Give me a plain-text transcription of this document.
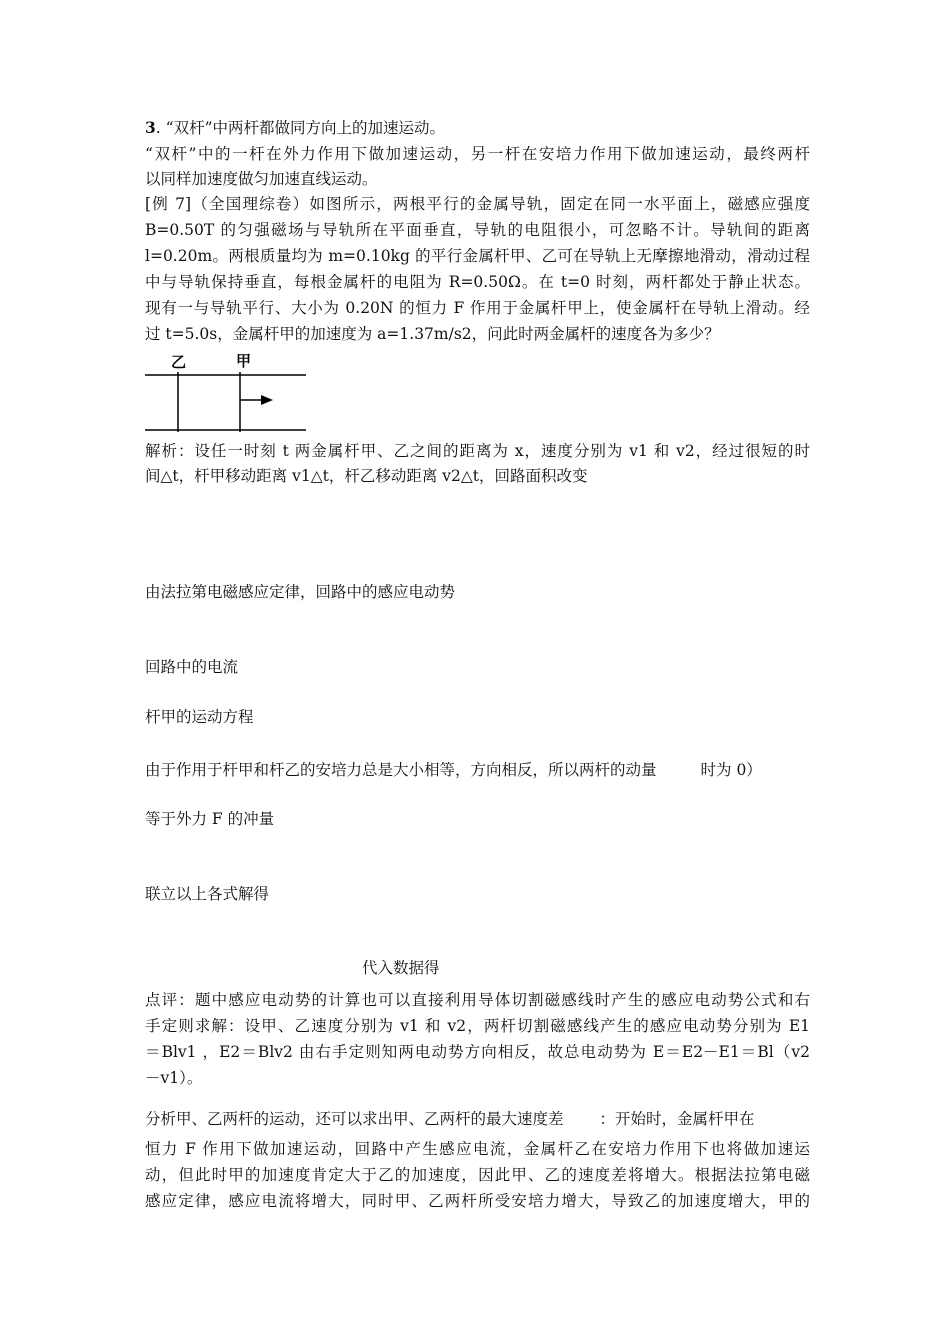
3. “双杆”中两杆都做同方向上的加速运动。
“双杆”中的一杆在外力作用下做加速运动，另一杆在安培力作用下做加速运动，最终两杆
以同样加速度做匀加速直线运动。
[例 7]（全国理综卷）如图所示，两根平行的金属导轨，固定在同一水平面上，磁感应强度
B=0.50T 的匀强磁场与导轨所在平面垂直，导轨的电阻很小，可忽略不计。导轨间的距离
l=0.20m。两根质量均为 m=0.10kg 的平行金属杆甲、乙可在导轨上无摩擦地滑动，滑动过程
中与导轨保持垂直，每根金属杆的电阻为 R=0.50Ω。在 t=0 时刻，两杆都处于静止状态。
现有一与导轨平行、大小为 0.20N 的恒力 F 作用于金属杆甲上，使金属杆在导轨上滑动。经
过 t=5.0s，金属杆甲的加速度为 a=1.37m/s2，问此时两金属杆的速度各为多少？
乙	甲
解析：设任一时刻 t 两金属杆甲、乙之间的距离为 x，速度分别为 v1 和 v2，经过很短的时
间△t，杆甲移动距离 v1△t，杆乙移动距离 v2△t，回路面积改变
由法拉第电磁感应定律，回路中的感应电动势
回路中的电流
杆甲的运动方程
由于作用于杆甲和杆乙的安培力总是大小相等，方向相反，所以两杆的动量	时为 0）
等于外力 F 的冲量
联立以上各式解得
代入数据得
点评：题中感应电动势的计算也可以直接利用导体切割磁感线时产生的感应电动势公式和右
手定则求解：设甲、乙速度分别为 v1 和 v2，两杆切割磁感线产生的感应电动势分别为 E1
＝Blv1 ，E2＝Blv2 由右手定则知两电动势方向相反，故总电动势为 E＝E2－E1＝Bl（v2
－v1）。
分析甲、乙两杆的运动，还可以求出甲、乙两杆的最大速度差 ：开始时，金属杆甲在
恒力 F 作用下做加速运动，回路中产生感应电流，金属杆乙在安培力作用下也将做加速运
动，但此时甲的加速度肯定大于乙的加速度，因此甲、乙的速度差将增大。根据法拉第电磁
感应定律，感应电流将增大，同时甲、乙两杆所受安培力增大，导致乙的加速度增大，甲的
